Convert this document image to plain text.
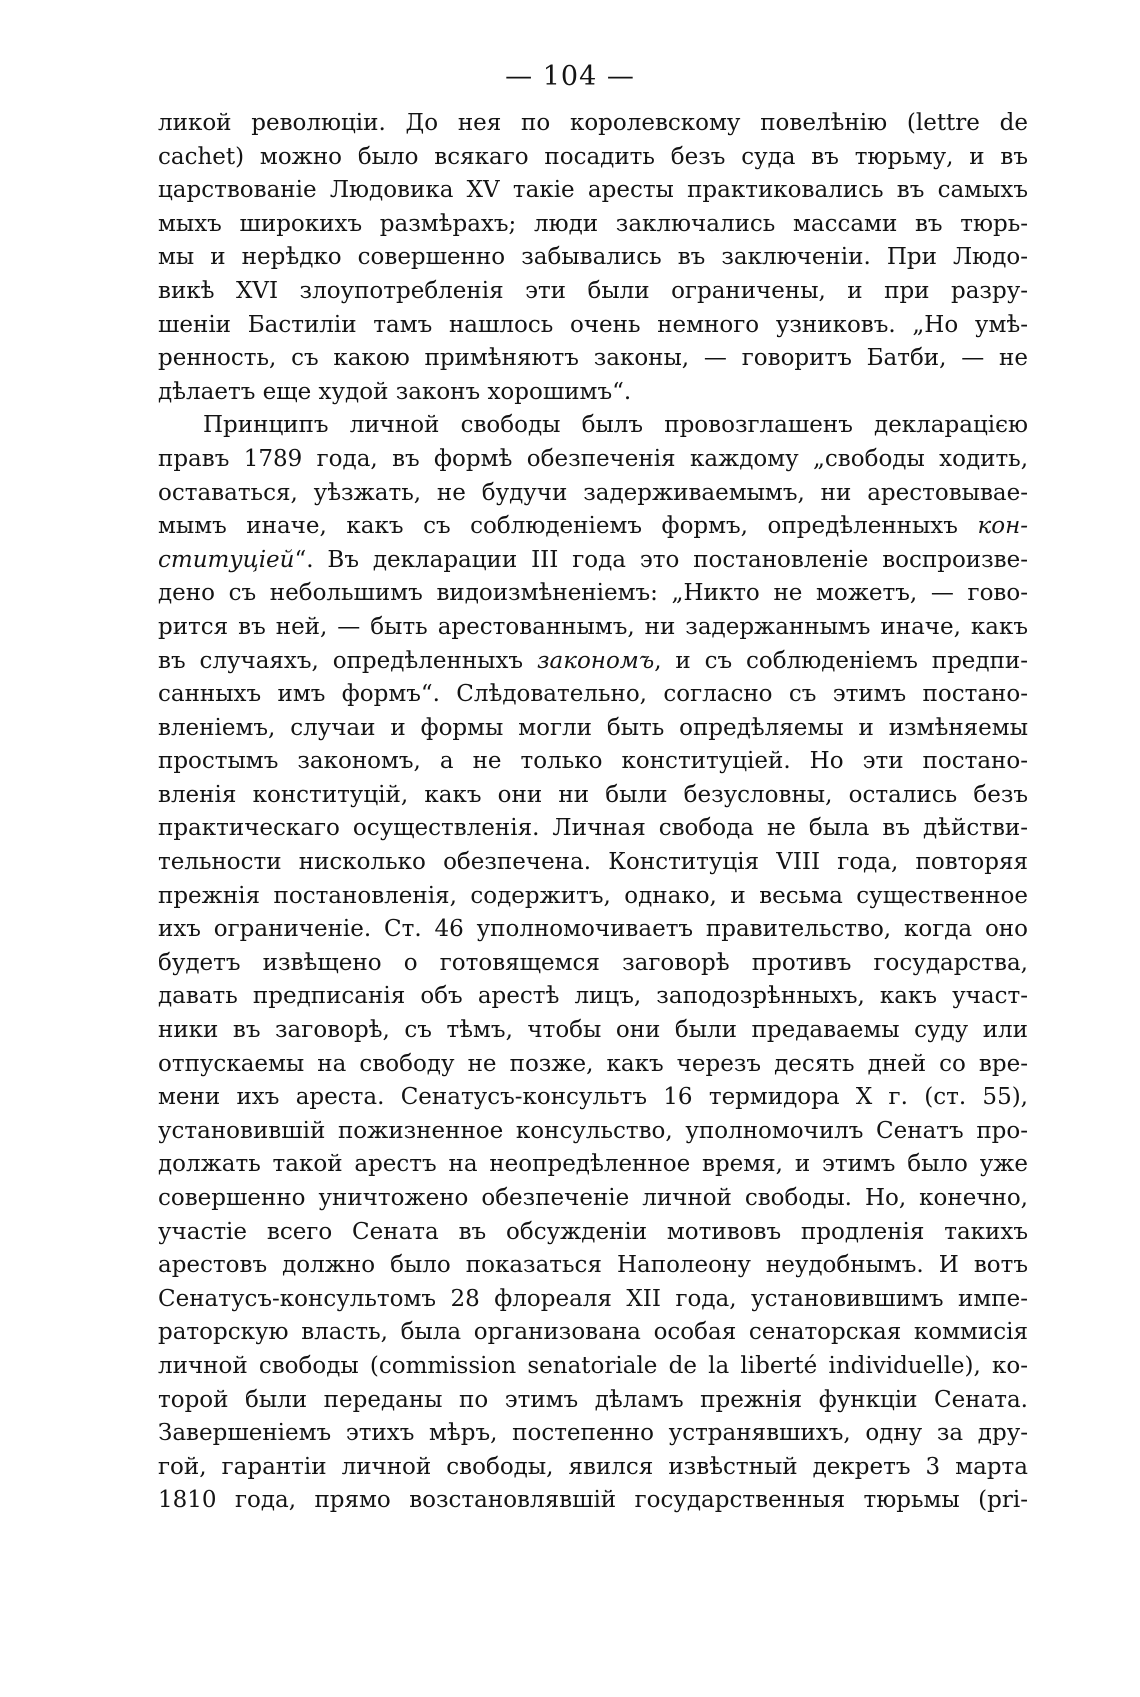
— 104 —
ликой революціи. До нея по королевскому повелѣнію (lettre de
cachet) можно было всякаго посадить безъ суда въ тюрьму, и въ
царствованіе Людовика XV такіе аресты практиковались въ самыхъ
мыхъ широкихъ размѣрахъ; люди заключались массами въ тюрь-
мы и нерѣдко совершенно забывались въ заключеніи. При Людо-
викѣ XVI злоупотребленія эти были ограничены, и при разру-
шеніи Бастиліи тамъ нашлось очень немного узниковъ. „Но умѣ-
ренность, съ какою примѣняютъ законы, — говоритъ Батби, — не
дѣлаетъ еще худой законъ хорошимъ“.
Принципъ личной свободы былъ провозглашенъ декларацією
правъ 1789 года, въ формѣ обезпеченія каждому „свободы ходить,
оставаться, уѣзжать, не будучи задерживаемымъ, ни арестовывае-
мымъ иначе, какъ съ соблюденіемъ формъ, опредѣленныхъ кон-
ституціей“. Въ декларации III года это постановленіе воспроизве-
дено съ небольшимъ видоизмѣненіемъ: „Никто не можетъ, — гово-
рится въ ней, — быть арестованнымъ, ни задержаннымъ иначе, какъ
въ случаяхъ, опредѣленныхъ закономъ, и съ соблюденіемъ предпи-
санныхъ имъ формъ“. Слѣдовательно, согласно съ этимъ постано-
вленіемъ, случаи и формы могли быть опредѣляемы и измѣняемы
простымъ закономъ, а не только конституціей. Но эти постано-
вленія конституцій, какъ они ни были безусловны, остались безъ
практическаго осуществленія. Личная свобода не была въ дѣйстви-
тельности нисколько обезпечена. Конституція VIII года, повторяя
прежнія постановленія, содержитъ, однако, и весьма существенное
ихъ ограниченіе. Ст. 46 уполномочиваетъ правительство, когда оно
будетъ извѣщено о готовящемся заговорѣ противъ государства,
давать предписанія объ арестѣ лицъ, заподозрѣнныхъ, какъ участ-
ники въ заговорѣ, съ тѣмъ, чтобы они были предаваемы суду или
отпускаемы на свободу не позже, какъ черезъ десять дней со вре-
мени ихъ ареста. Сенатусъ-консультъ 16 термидора X г. (ст. 55),
установившій пожизненное консульство, уполномочилъ Сенатъ про-
должать такой арестъ на неопредѣленное время, и этимъ было уже
совершенно уничтожено обезпеченіе личной свободы. Но, конечно,
участіе всего Сената въ обсужденіи мотивовъ продленія такихъ
арестовъ должно было показаться Наполеону неудобнымъ. И вотъ
Сенатусъ-консультомъ 28 флореаля XII года, установившимъ импе-
раторскую власть, была организована особая сенаторская коммисія
личной свободы (commission senatoriale de la liberté individuelle), ко-
торой были переданы по этимъ дѣламъ прежнія функціи Сената.
Завершеніемъ этихъ мѣръ, постепенно устранявшихъ, одну за дру-
гой, гарантіи личной свободы, явился извѣстный декретъ 3 марта
1810 года, прямо возстановлявшій государственныя тюрьмы (pri-
